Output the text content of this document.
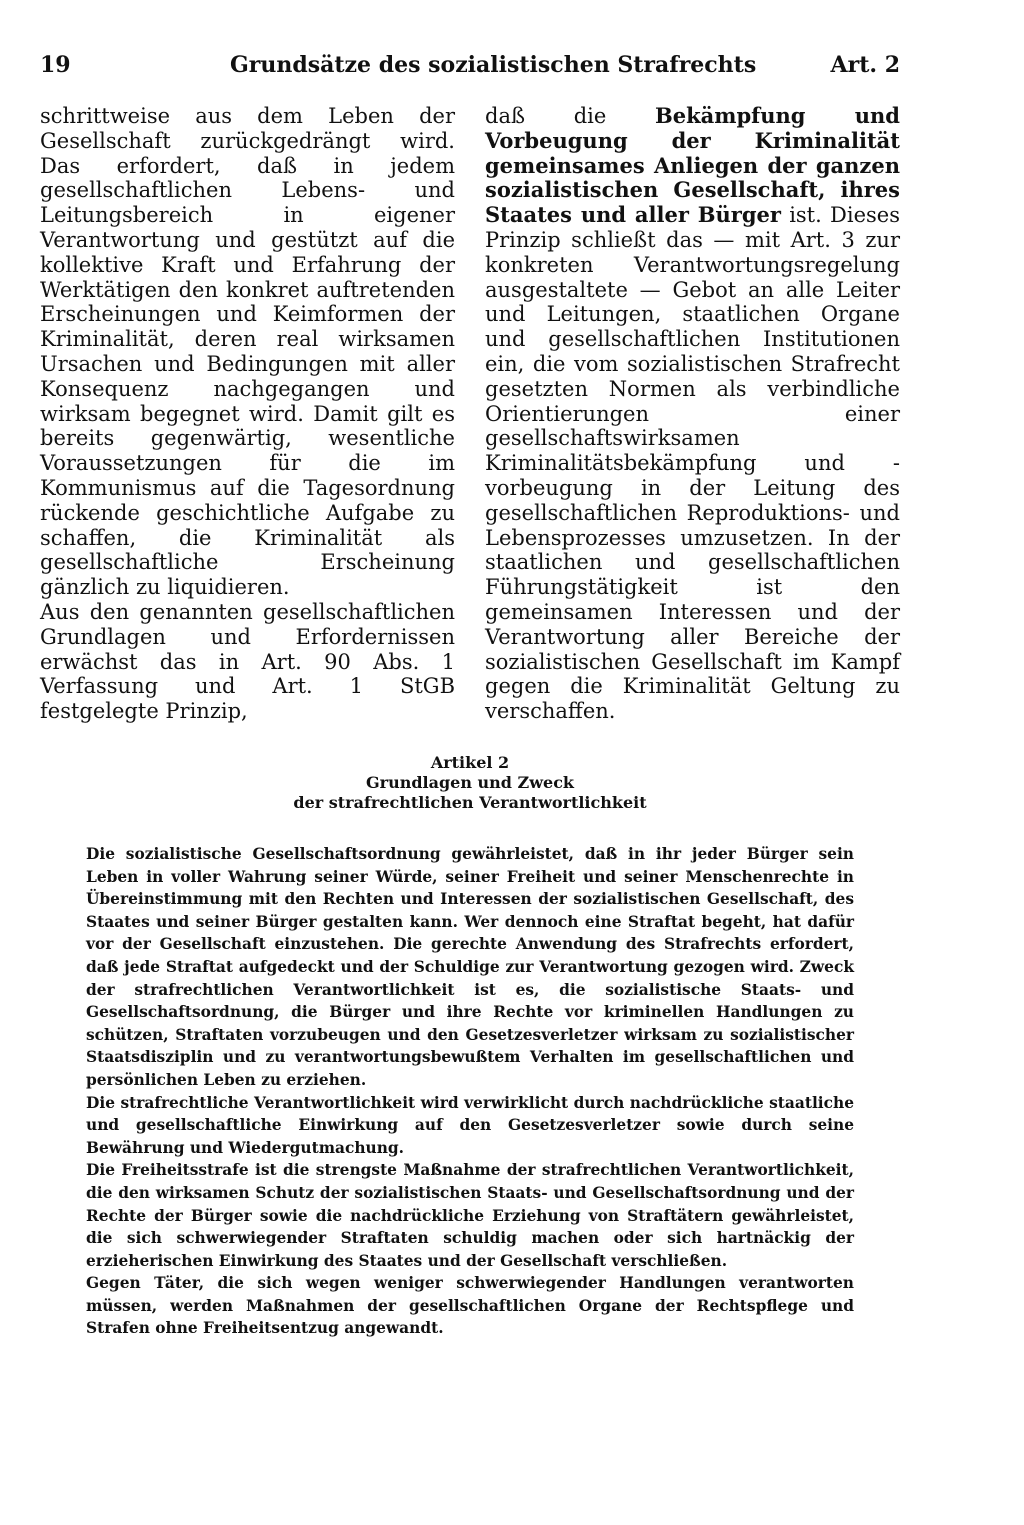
19	Grundsätze des sozialistischen Strafrechts	Art. 2

schrittweise aus dem Leben der Gesellschaft zurückgedrängt wird. Das erfordert, daß in jedem gesellschaftlichen Lebens- und Leitungsbereich in eigener Verantwortung und gestützt auf die kollektive Kraft und Erfahrung der Werktätigen den konkret auftretenden Erscheinungen und Keimformen der Kriminalität, deren real wirksamen Ursachen und Bedingungen mit aller Konsequenz nachgegangen und wirksam begegnet wird. Damit gilt es bereits gegenwärtig, wesentliche Voraussetzungen für die im Kommunismus auf die Tagesordnung rückende geschichtliche Aufgabe zu schaffen, die Kriminalität als gesellschaftliche Erscheinung gänzlich zu liquidieren.

Aus den genannten gesellschaftlichen Grundlagen und Erfordernissen erwächst das in Art. 90 Abs. 1 Verfassung und Art. 1 StGB festgelegte Prinzip,

daß die Bekämpfung und Vorbeugung der Kriminalität gemeinsames Anliegen der ganzen sozialistischen Gesellschaft, ihres Staates und aller Bürger ist. Dieses Prinzip schließt das — mit Art. 3 zur konkreten Verantwortungsregelung ausgestaltete — Gebot an alle Leiter und Leitungen, staatlichen Organe und gesellschaftlichen Institutionen ein, die vom sozialistischen Strafrecht gesetzten Normen als verbindliche Orientierungen einer gesellschaftswirksamen Kriminalitätsbekämpfung und -vorbeugung in der Leitung des gesellschaftlichen Reproduktions- und Lebensprozesses umzusetzen. In der staatlichen und gesellschaftlichen Führungstätigkeit ist den gemeinsamen Interessen und der Verantwortung aller Bereiche der sozialistischen Gesellschaft im Kampf gegen die Kriminalität Geltung zu verschaffen.

Artikel 2
Grundlagen und Zweck
der strafrechtlichen Verantwortlichkeit

Die sozialistische Gesellschaftsordnung gewährleistet, daß in ihr jeder Bürger sein Leben in voller Wahrung seiner Würde, seiner Freiheit und seiner Menschenrechte in Übereinstimmung mit den Rechten und Interessen der sozialistischen Gesellschaft, des Staates und seiner Bürger gestalten kann. Wer dennoch eine Straftat begeht, hat dafür vor der Gesellschaft einzustehen. Die gerechte Anwendung des Strafrechts erfordert, daß jede Straftat aufgedeckt und der Schuldige zur Verantwortung gezogen wird. Zweck der strafrechtlichen Verantwortlichkeit ist es, die sozialistische Staats- und Gesellschaftsordnung, die Bürger und ihre Rechte vor kriminellen Handlungen zu schützen, Straftaten vorzubeugen und den Gesetzesverletzer wirksam zu sozialistischer Staatsdisziplin und zu verantwortungsbewußtem Verhalten im gesellschaftlichen und persönlichen Leben zu erziehen.

Die strafrechtliche Verantwortlichkeit wird verwirklicht durch nachdrückliche staatliche und gesellschaftliche Einwirkung auf den Gesetzesverletzer sowie durch seine Bewährung und Wiedergutmachung.

Die Freiheitsstrafe ist die strengste Maßnahme der strafrechtlichen Verantwortlichkeit, die den wirksamen Schutz der sozialistischen Staats- und Gesellschaftsordnung und der Rechte der Bürger sowie die nachdrückliche Erziehung von Straftätern gewährleistet, die sich schwerwiegender Straftaten schuldig machen oder sich hartnäckig der erzieherischen Einwirkung des Staates und der Gesellschaft verschließen.

Gegen Täter, die sich wegen weniger schwerwiegender Handlungen verantworten müssen, werden Maßnahmen der gesellschaftlichen Organe der Rechtspflege und Strafen ohne Freiheitsentzug angewandt.
